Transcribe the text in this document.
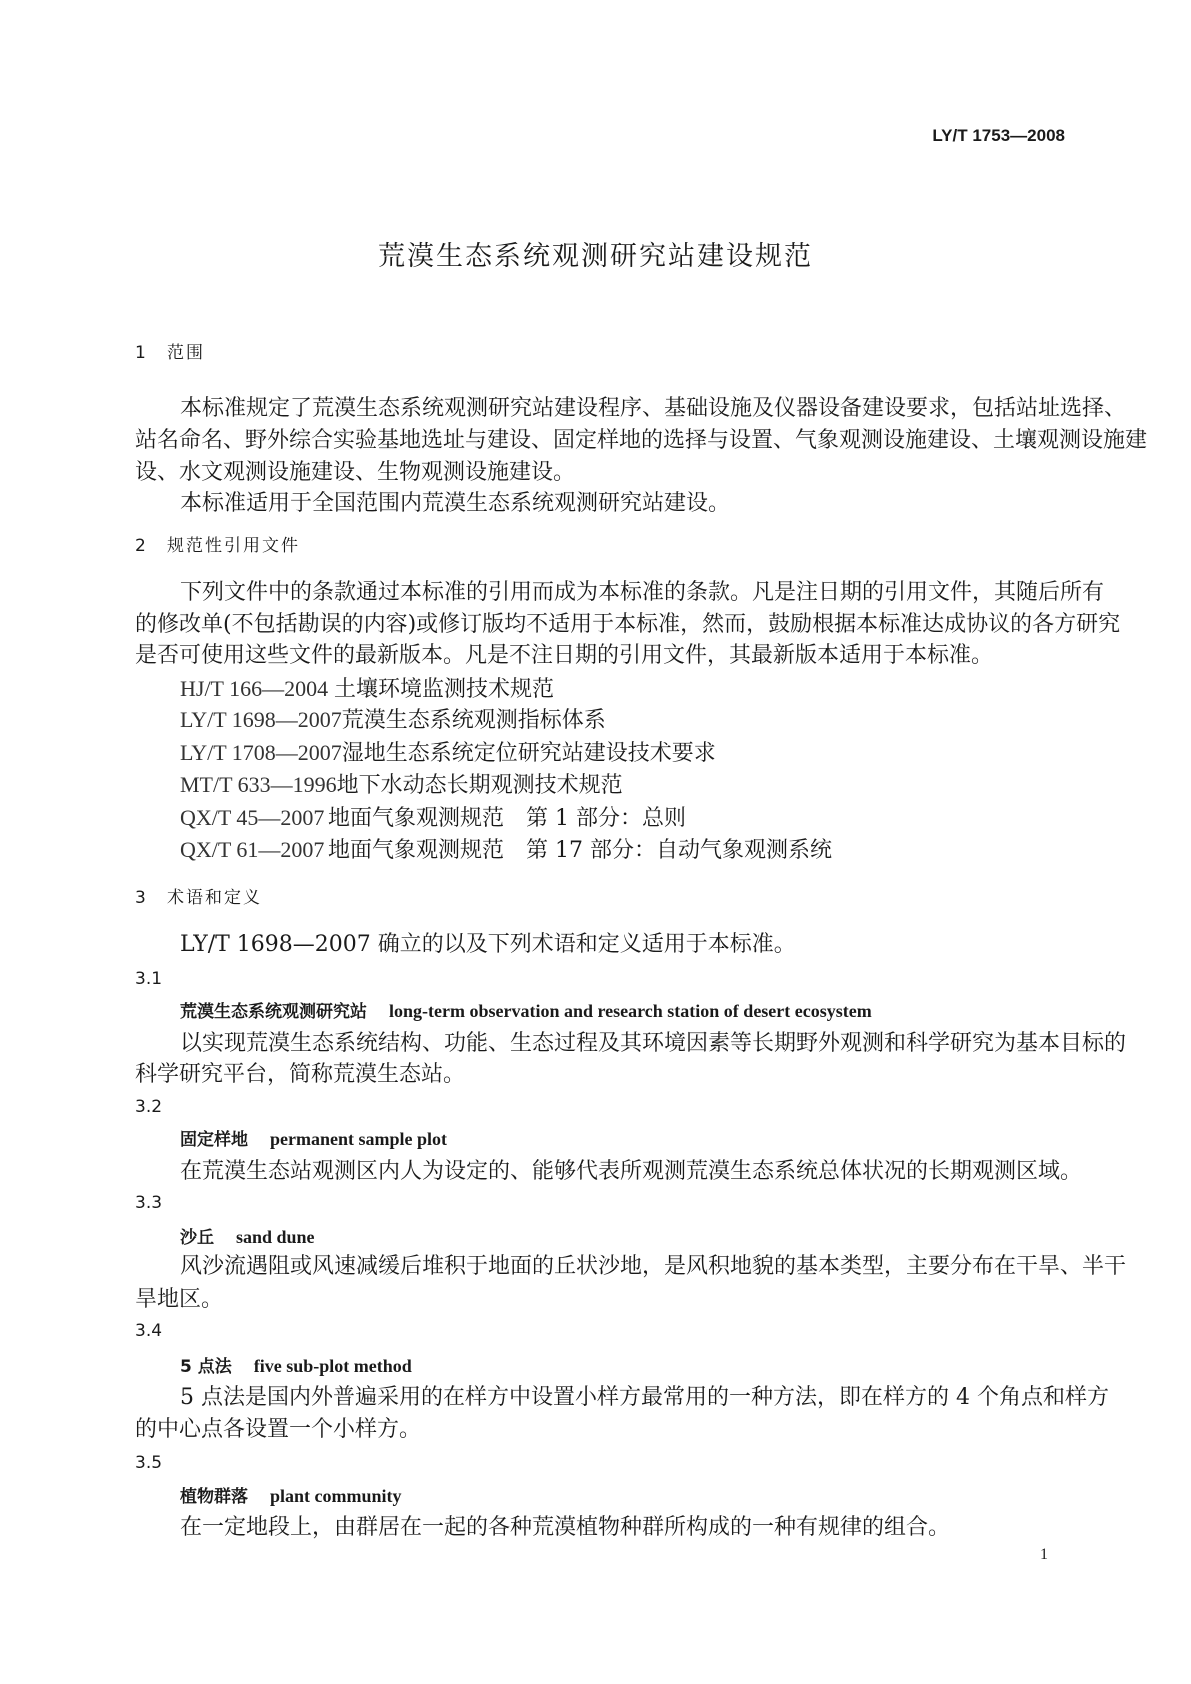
LY/T 1753—2008
荒漠生态系统观测研究站建设规范
1 范围
本标准规定了荒漠生态系统观测研究站建设程序、基础设施及仪器设备建设要求，包括站址选择、
站名命名、野外综合实验基地选址与建设、固定样地的选择与设置、气象观测设施建设、土壤观测设施建
设、水文观测设施建设、生物观测设施建设。
本标准适用于全国范围内荒漠生态系统观测研究站建设。
2 规范性引用文件
下列文件中的条款通过本标准的引用而成为本标准的条款。凡是注日期的引用文件，其随后所有
的修改单(不包括勘误的内容)或修订版均不适用于本标准，然而，鼓励根据本标准达成协议的各方研究
是否可使用这些文件的最新版本。凡是不注日期的引用文件，其最新版本适用于本标准。
HJ/T 166—2004 土壤环境监测技术规范
LY/T 1698—2007荒漠生态系统观测指标体系
LY/T 1708—2007湿地生态系统定位研究站建设技术要求
MT/T 633—1996地下水动态长期观测技术规范
QX/T 45—2007 地面气象观测规范　第 1 部分：总则
QX/T 61—2007 地面气象观测规范　第 17 部分：自动气象观测系统
3 术语和定义
LY/T 1698—2007 确立的以及下列术语和定义适用于本标准。
3.1
荒漠生态系统观测研究站 long-term observation and research station of desert ecosystem
以实现荒漠生态系统结构、功能、生态过程及其环境因素等长期野外观测和科学研究为基本目标的
科学研究平台，简称荒漠生态站。
3.2
固定样地 permanent sample plot
在荒漠生态站观测区内人为设定的、能够代表所观测荒漠生态系统总体状况的长期观测区域。
3.3
沙丘 sand dune
风沙流遇阻或风速减缓后堆积于地面的丘状沙地，是风积地貌的基本类型，主要分布在干旱、半干
旱地区。
3.4
5 点法 five sub-plot method
5 点法是国内外普遍采用的在样方中设置小样方最常用的一种方法，即在样方的 4 个角点和样方
的中心点各设置一个小样方。
3.5
植物群落 plant community
在一定地段上，由群居在一起的各种荒漠植物种群所构成的一种有规律的组合。
1
